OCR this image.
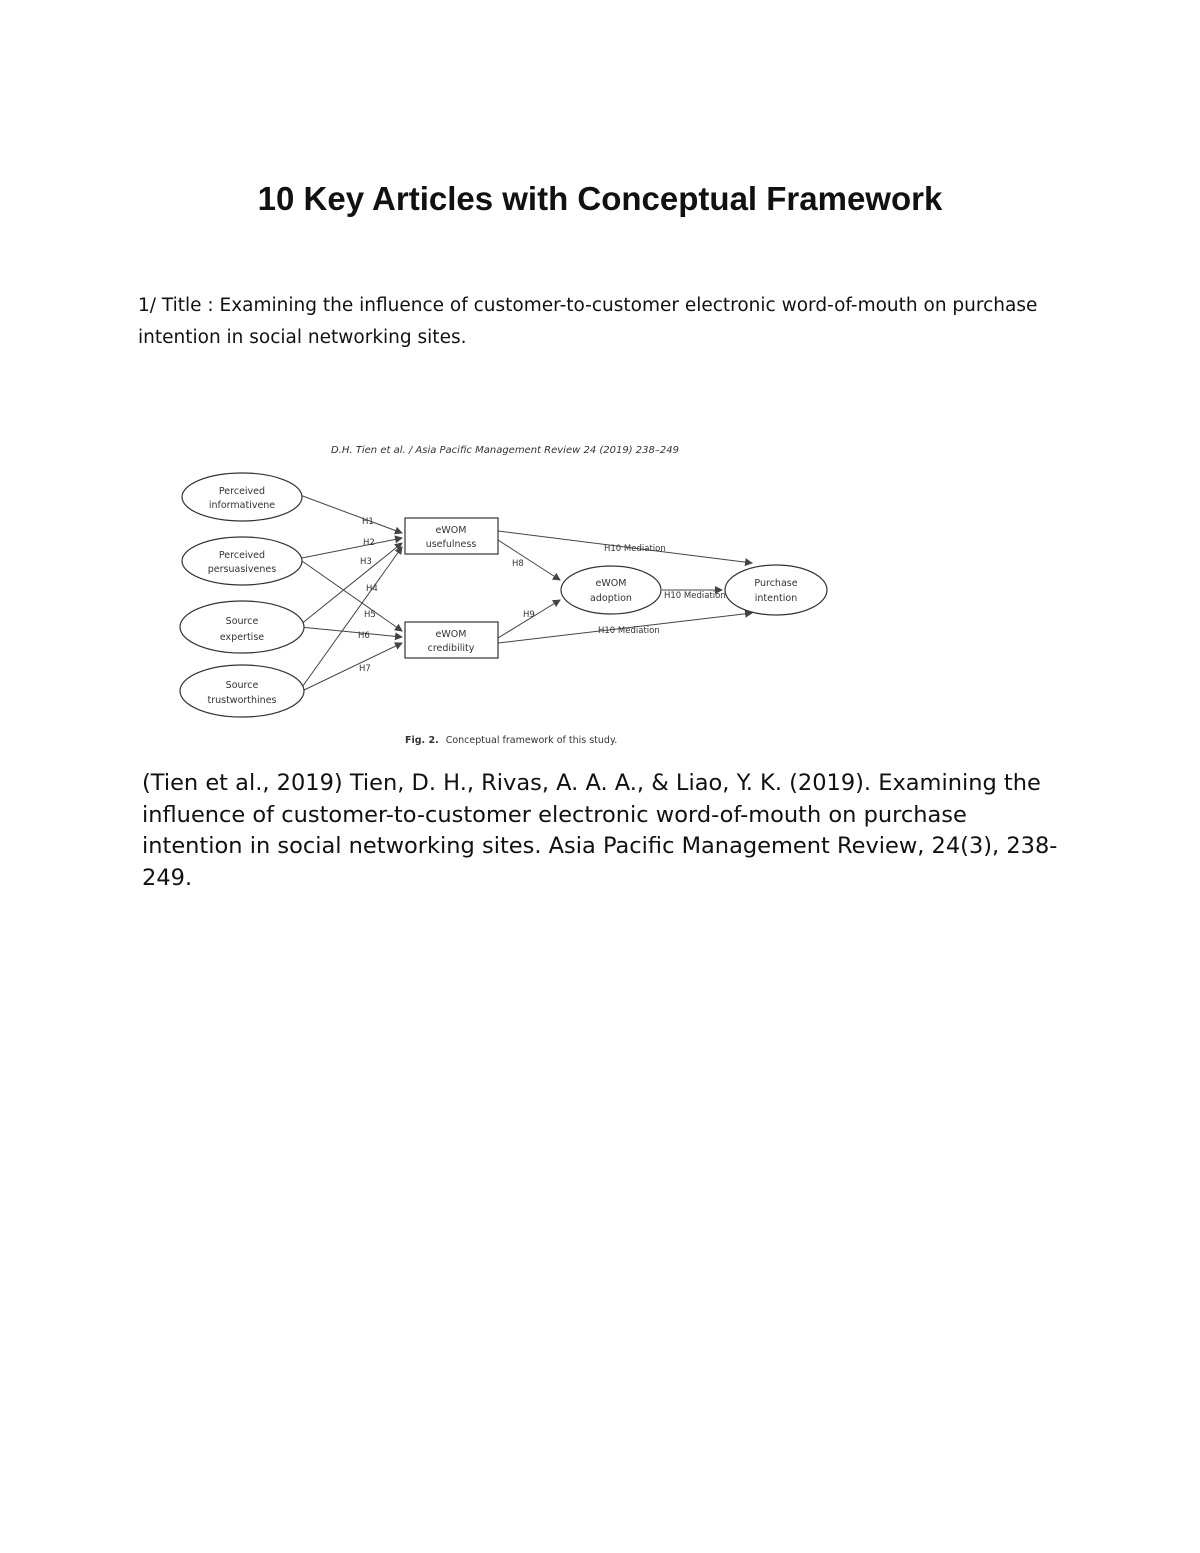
10 Key Articles with Conceptual Framework
1/ Title : Examining the influence of customer-to-customer electronic word-of-mouth on purchase intention in social networking sites.
D.H. Tien et al. / Asia Pacific Management Review 24 (2019) 238–249
Perceived
informativene
Perceived
persuasivenes
Source
expertise
Source
trustworthines
eWOM
usefulness
eWOM
credibility
eWOM
adoption
Purchase
intention
H1
H2
H3
H4
H5
H6
H7
H8
H9
H10 Mediation
H10 Mediation
H10 Mediation
Fig. 2. Conceptual framework of this study.
(Tien et al., 2019) Tien, D. H., Rivas, A. A. A., & Liao, Y. K. (2019). Examining the influence of customer-to-customer electronic word-of-mouth on purchase intention in social networking sites. Asia Pacific Management Review, 24(3), 238-249.
